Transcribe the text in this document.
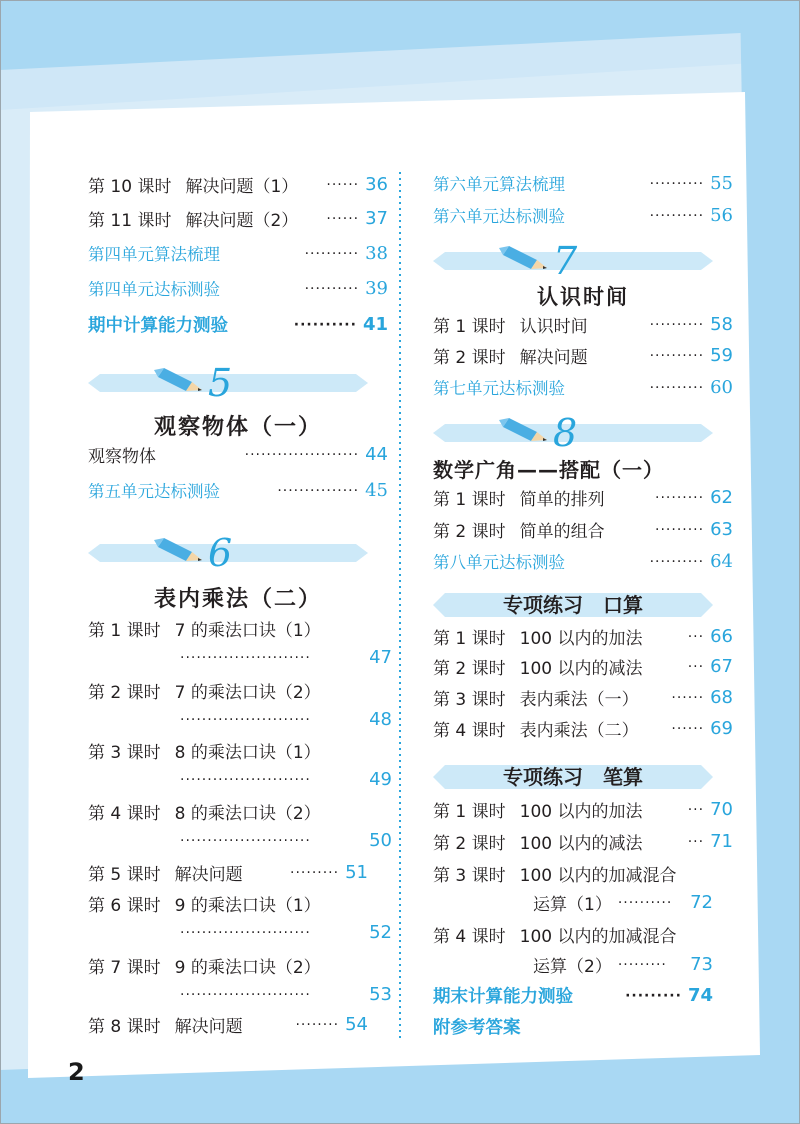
第 10 课时 解决问题（1）	······ 36
第 11 课时 解决问题（2）	······ 37
第四单元算法梳理	·········· 38
第四单元达标测验	·········· 39
期中计算能力测验	·········· 41
5
观察物体（一）
观察物体	····················· 44
第五单元达标测验	··············· 45
6
表内乘法（二）
第 1 课时 7 的乘法口诀（1）
························	47
第 2 课时 7 的乘法口诀（2）
························	48
第 3 课时 8 的乘法口诀（1）
························	49
第 4 课时 8 的乘法口诀（2）
························	50
第 5 课时 解决问题	········· 51
第 6 课时 9 的乘法口诀（1）
························	52
第 7 课时 9 的乘法口诀（2）
························	53
第 8 课时 解决问题	········ 54
第六单元算法梳理	·········· 55
第六单元达标测验	·········· 56
7
认识时间
第 1 课时 认识时间	·········· 58
第 2 课时 解决问题	·········· 59
第七单元达标测验	·········· 60
8
数学广角——搭配（一）
第 1 课时 简单的排列	········· 62
第 2 课时 简单的组合	········· 63
第八单元达标测验	·········· 64
专项练习　口算
第 1 课时 100 以内的加法	··· 66
第 2 课时 100 以内的减法	··· 67
第 3 课时 表内乘法（一）	······ 68
第 4 课时 表内乘法（二）	······ 69
专项练习　笔算
第 1 课时 100 以内的加法	··· 70
第 2 课时 100 以内的减法	··· 71
第 3 课时 100 以内的加减混合
运算（1） ·········· 72
第 4 课时 100 以内的加减混合
运算（2） ·········	73
期末计算能力测验	········· 74
附参考答案
2
